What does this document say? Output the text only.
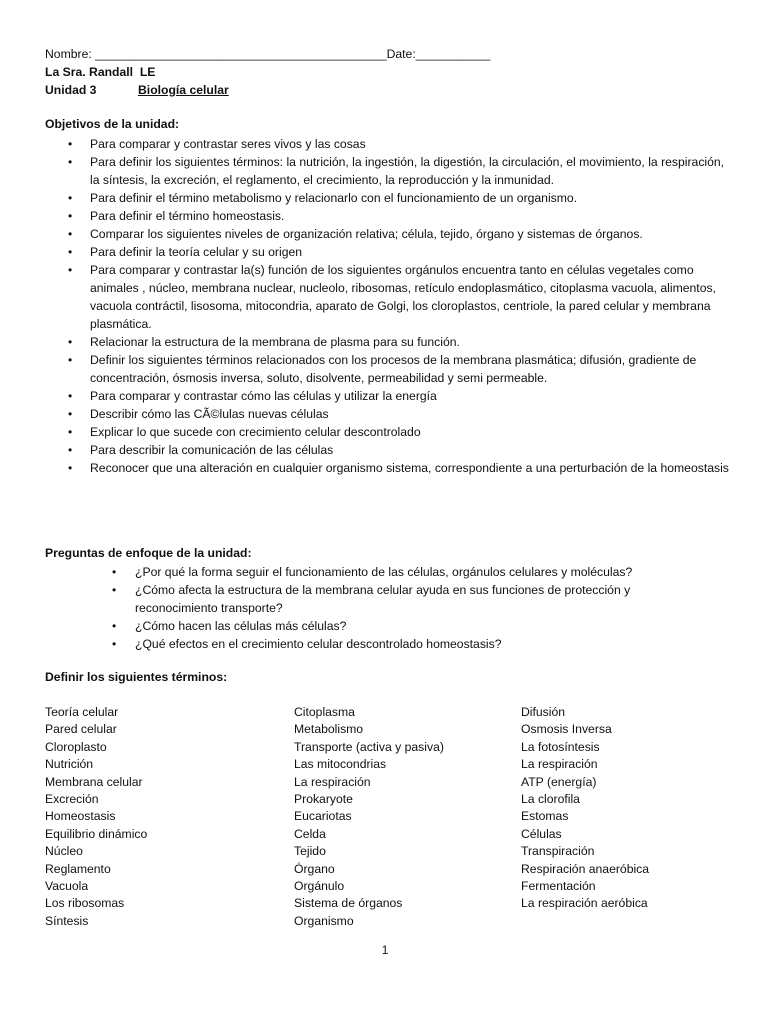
Nombre: ___________________________________________Date:___________
La Sra. Randall LE
Unidad 3	Biología celular
Objetivos de la unidad:
• Para comparar y contrastar seres vivos y las cosas
• Para definir los siguientes términos: la nutrición, la ingestión, la digestión, la circulación, el movimiento, la respiración, la síntesis, la excreción, el reglamento, el crecimiento, la reproducción y la inmunidad.
• Para definir el término metabolismo y relacionarlo con el funcionamiento de un organismo.
• Para definir el término homeostasis.
• Comparar los siguientes niveles de organización relativa; célula, tejido, órgano y sistemas de órganos.
• Para definir la teoría celular y su origen
• Para comparar y contrastar la(s) función de los siguientes orgánulos encuentra tanto en células vegetales como animales , núcleo, membrana nuclear, nucleolo, ribosomas, retículo endoplasmático, citoplasma vacuola, alimentos, vacuola contráctil, lisosoma, mitocondria, aparato de Golgi, los cloroplastos, centriole, la pared celular y membrana plasmática.
• Relacionar la estructura de la membrana de plasma para su función.
• Definir los siguientes términos relacionados con los procesos de la membrana plasmática; difusión, gradiente de concentración, ósmosis inversa, soluto, disolvente, permeabilidad y semi permeable.
• Para comparar y contrastar cómo las células y utilizar la energía
• Describir cómo las CÃ©lulas nuevas células
• Explicar lo que sucede con crecimiento celular descontrolado
• Para describir la comunicación de las células
• Reconocer que una alteración en cualquier organismo sistema, correspondiente a una perturbación de la homeostasis
Preguntas de enfoque de la unidad:
• ¿Por qué la forma seguir el funcionamiento de las células, orgánulos celulares y moléculas?
• ¿Cómo afecta la estructura de la membrana celular ayuda en sus funciones de protección y reconocimiento transporte?
• ¿Cómo hacen las células más células?
• ¿Qué efectos en el crecimiento celular descontrolado homeostasis?
Definir los siguientes términos:
Teoría celular
Pared celular
Cloroplasto
Nutrición
Membrana celular
Excreción
Homeostasis
Equilibrio dinámico
Núcleo
Reglamento
Vacuola
Los ribosomas
Síntesis
Citoplasma
Metabolismo
Transporte (activa y pasiva)
Las mitocondrias
La respiración
Prokaryote
Eucariotas
Celda
Tejido
Órgano
Orgánulo
Sistema de órganos
Organismo
Difusión
Osmosis Inversa
La fotosíntesis
La respiración
ATP (energía)
La clorofila
Estomas
Células
Transpiración
Respiración anaeróbica
Fermentación
La respiración aeróbica
1
